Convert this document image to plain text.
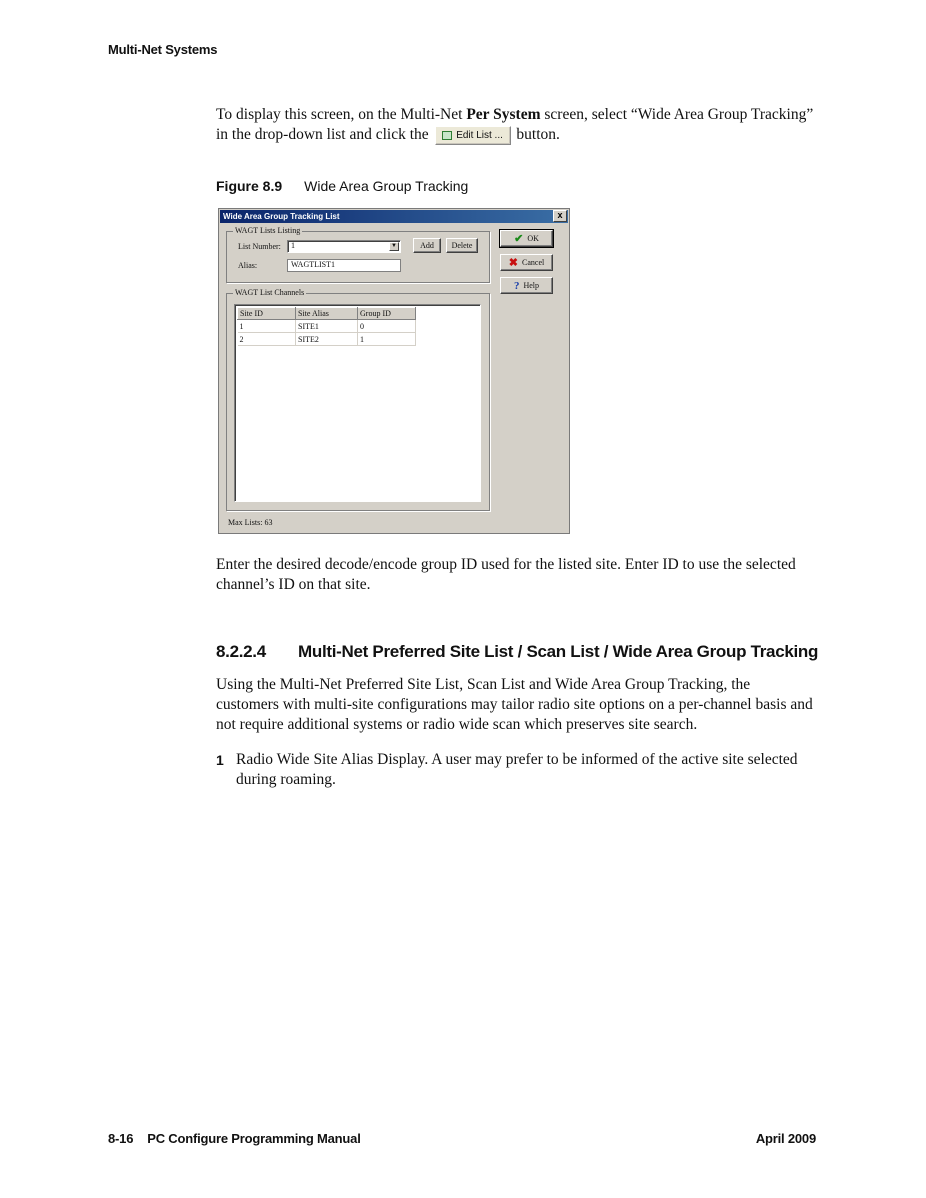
Multi-Net Systems
To display this screen, on the Multi-Net Per System screen, select “Wide Area Group Tracking” in the drop-down list and click the Edit List ... button.
Figure 8.9 Wide Area Group Tracking
Wide Area Group Tracking List	x
WAGT Lists Listing
List Number:	1	▼
Alias:	WAGTLIST1
Add	Delete
✔ OK
✖ Cancel
? Help
WAGT List Channels
Site ID	Site Alias	Group ID
1	SITE1	0
2	SITE2	1
Max Lists: 63
Enter the desired decode/encode group ID used for the listed site. Enter ID to use the selected channel’s ID on that site.
8.2.2.4 Multi-Net Preferred Site List / Scan List / Wide Area Group Tracking
Using the Multi-Net Preferred Site List, Scan List and Wide Area Group Tracking, the customers with multi-site configurations may tailor radio site options on a per-channel basis and not require additional systems or radio wide scan which preserves site search.
1 Radio Wide Site Alias Display. A user may prefer to be informed of the active site selected during roaming.
8-16 PC Configure Programming Manual	April 2009
